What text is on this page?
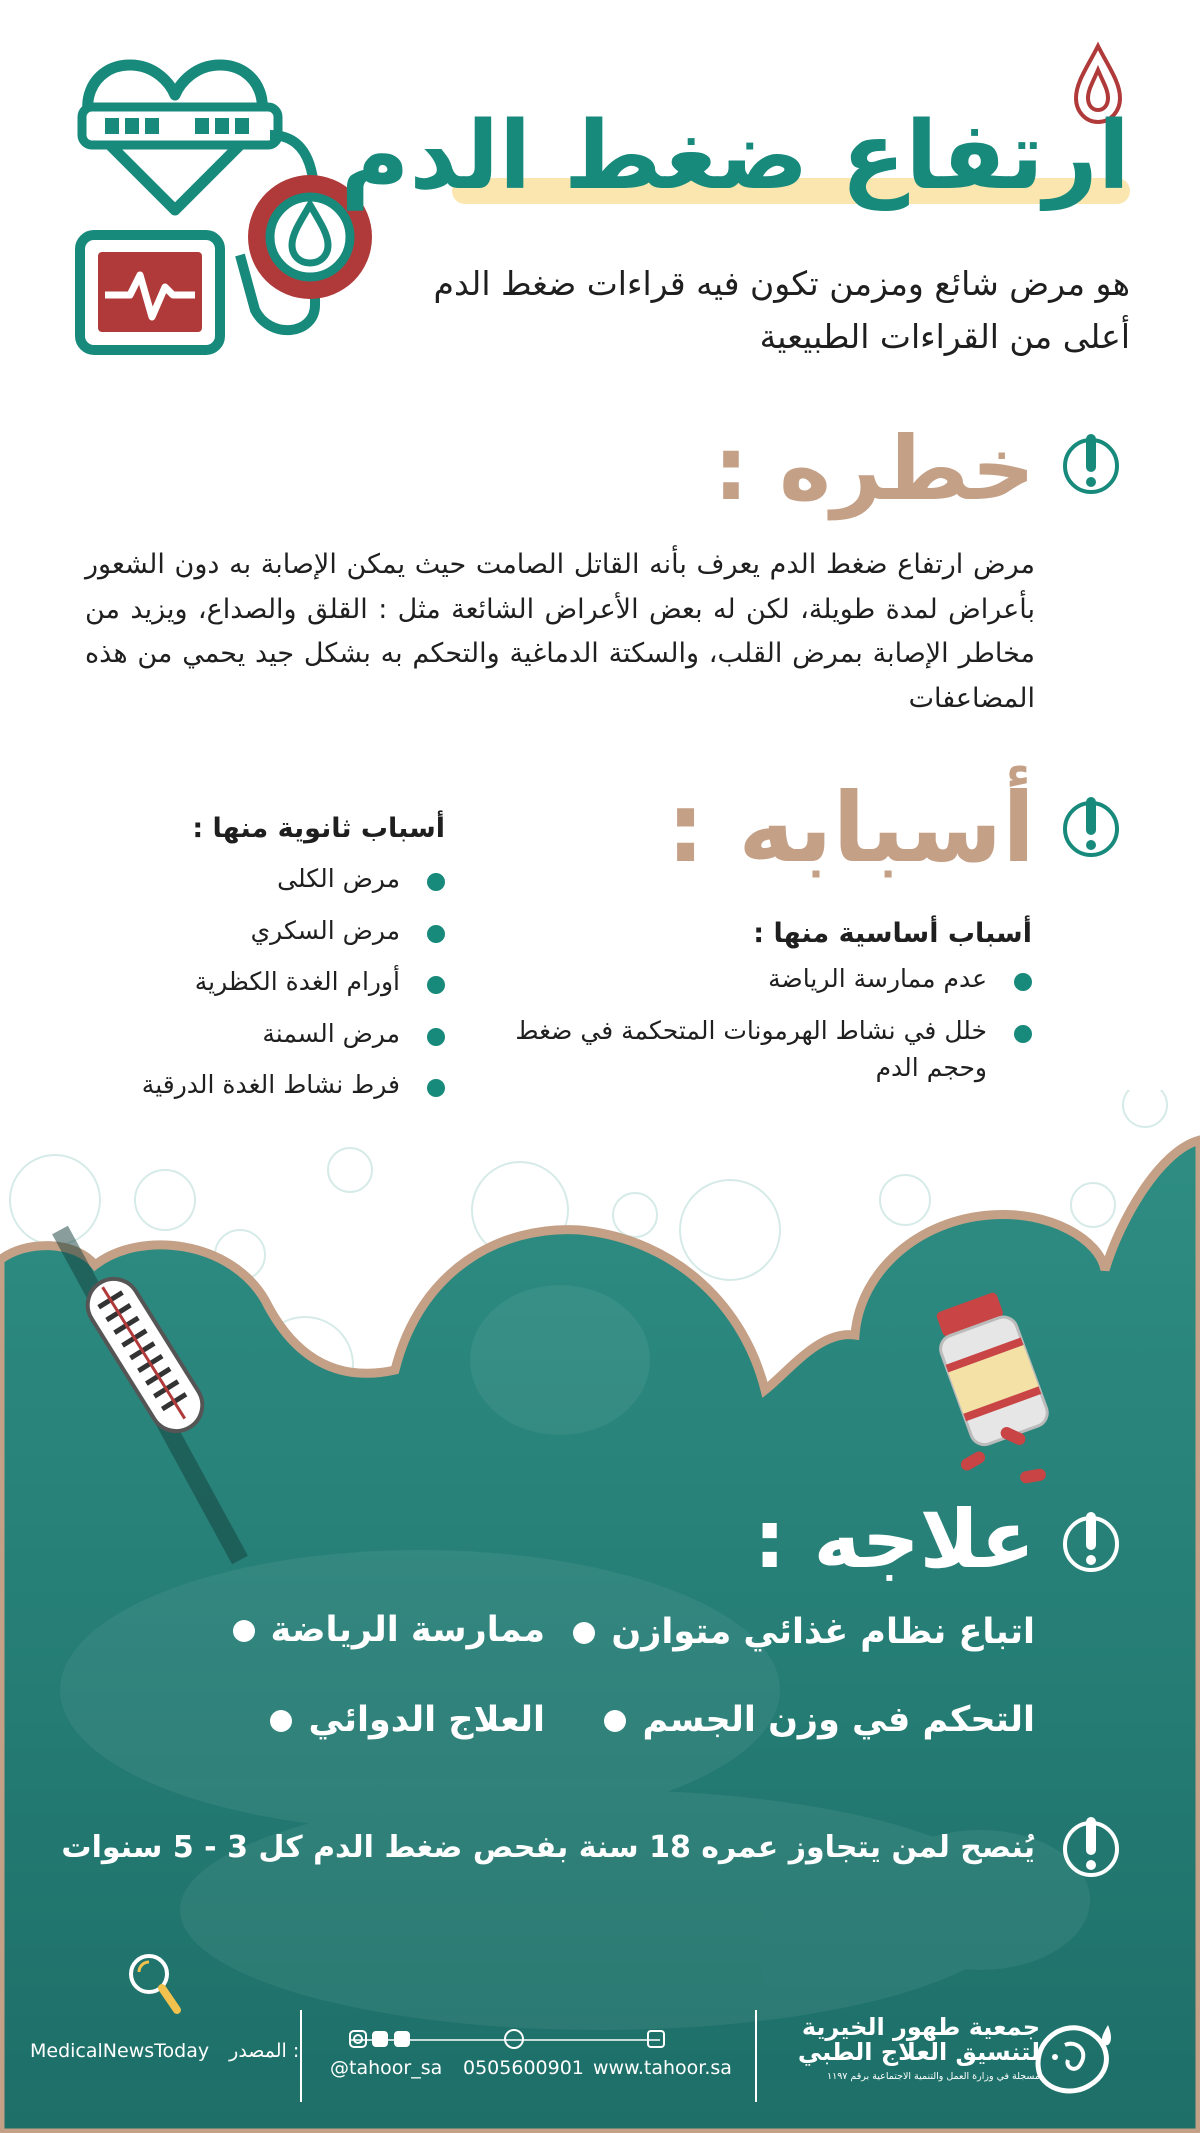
ارتفاع ضغط الدم

هو مرض شائع ومزمن تكون فيه قراءات ضغط الدم أعلى من القراءات الطبيعية

خطره :

مرض ارتفاع ضغط الدم يعرف بأنه القاتل الصامت حيث يمكن الإصابة به دون الشعور بأعراض لمدة طويلة، لكن له بعض الأعراض الشائعة مثل : القلق والصداع، ويزيد من مخاطر الإصابة بمرض القلب، والسكتة الدماغية والتحكم به بشكل جيد يحمي من هذه المضاعفات

أسبابه :
أسباب أساسية منها :
عدم ممارسة الرياضة
خلل في نشاط الهرمونات المتحكمة في ضغط وحجم الدم
أسباب ثانوية منها :
مرض الكلى
مرض السكري
أورام الغدة الكظرية
مرض السمنة
فرط نشاط الغدة الدرقية
علاجه :
اتباع نظام غذائي متوازن
ممارسة الرياضة
التحكم في وزن الجسم
العلاج الدوائي

يُنصح لمن يتجاوز عمره 18 سنة بفحص ضغط الدم كل 3 - 5 سنوات

MedicalNewsToday المصدر :
@tahoor_sa 0505600901 www.tahoor.sa
جمعية طهور الخيرية
لتنسيق العلاج الطبي
مسجلة في وزارة العمل والتنمية الاجتماعية برقم ١١٩٧
